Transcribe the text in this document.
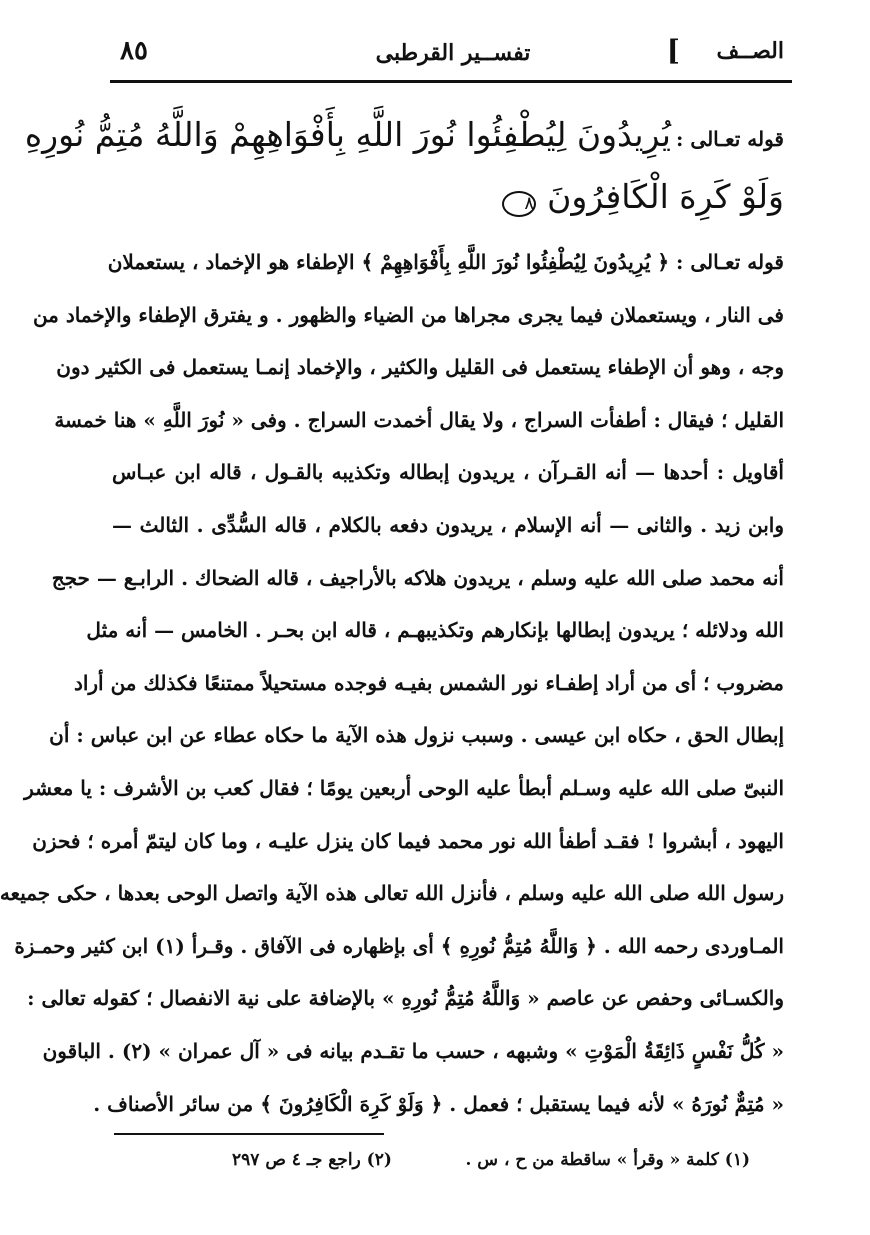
الصــف
]
تفســير القرطبى
٨٥
قوله تعـالى : يُرِيدُونَ لِيُطْفِئُوا نُورَ اللَّهِ بِأَفْوَاهِهِمْ وَاللَّهُ مُتِمُّ نُورِهِ
وَلَوْ كَرِهَ الْكَافِرُونَ ٨
قوله تعـالى : ﴿ يُرِيدُونَ لِيُطْفِئُوا نُورَ اللَّهِ بِأَفْوَاهِهِمْ ﴾ الإطفاء هو الإخماد ، يستعملان
فى النار ، ويستعملان فيما يجرى مجراها من الضياء والظهور . و يفترق الإطفاء والإخماد من
وجه ، وهو أن الإطفاء يستعمل فى القليل والكثير ، والإخماد إنمـا يستعمل فى الكثير دون
القليل ؛ فيقال : أطفأت السراج ، ولا يقال أخمدت السراج . وفى « نُورَ اللَّهِ » هنا خمسة
أقاويل : أحدها — أنه القـرآن ، يريدون إبطاله وتكذيبه بالقـول ، قاله ابن عبـاس
وابن زيد . والثانى — أنه الإسلام ، يريدون دفعه بالكلام ، قاله السُّدِّى . الثالث —
أنه محمد صلى الله عليه وسلم ، يريدون هلاكه بالأراجيف ، قاله الضحاك . الرابـع — حجج
الله ودلائله ؛ يريدون إبطالها بإنكارهم وتكذيبهـم ، قاله ابن بحـر . الخامس — أنه مثل
مضروب ؛ أى من أراد إطفـاء نور الشمس بفيـه فوجده مستحيلاً ممتنعًا فكذلك من أراد
إبطال الحق ، حكاه ابن عيسى . وسبب نزول هذه الآية ما حكاه عطاء عن ابن عباس : أن
النبىّ صلى الله عليه وسـلم أبطأ عليه الوحى أربعين يومًا ؛ فقال كعب بن الأشرف : يا معشر
اليهود ، أبشروا ! فقـد أطفأ الله نور محمد فيما كان ينزل عليـه ، وما كان ليتمّ أمره ؛ فحزن
رسول الله صلى الله عليه وسلم ، فأنزل الله تعالى هذه الآية واتصل الوحى بعدها ، حكى جميعه
المـاوردى رحمه الله . ﴿ وَاللَّهُ مُتِمُّ نُورِهِ ﴾ أى بإظهاره فى الآفاق . وقـرأ (١) ابن كثير وحمـزة
والكسـائى وحفص عن عاصم « وَاللَّهُ مُتِمُّ نُورِهِ » بالإضافة على نية الانفصال ؛ كقوله تعالى :
« كُلُّ نَفْسٍ ذَائِقَةُ الْمَوْتِ » وشبهه ، حسب ما تقـدم بيانه فى « آل عمران » (٢) . الباقون
« مُتِمٌّ نُورَهُ » لأنه فيما يستقبل ؛ فعمل . ﴿ وَلَوْ كَرِهَ الْكَافِرُونَ ﴾ من سائر الأصناف .
(١) كلمة « وقرأ » ساقطة من ح ، س .
(٢) راجع جـ ٤ ص ٢٩٧
